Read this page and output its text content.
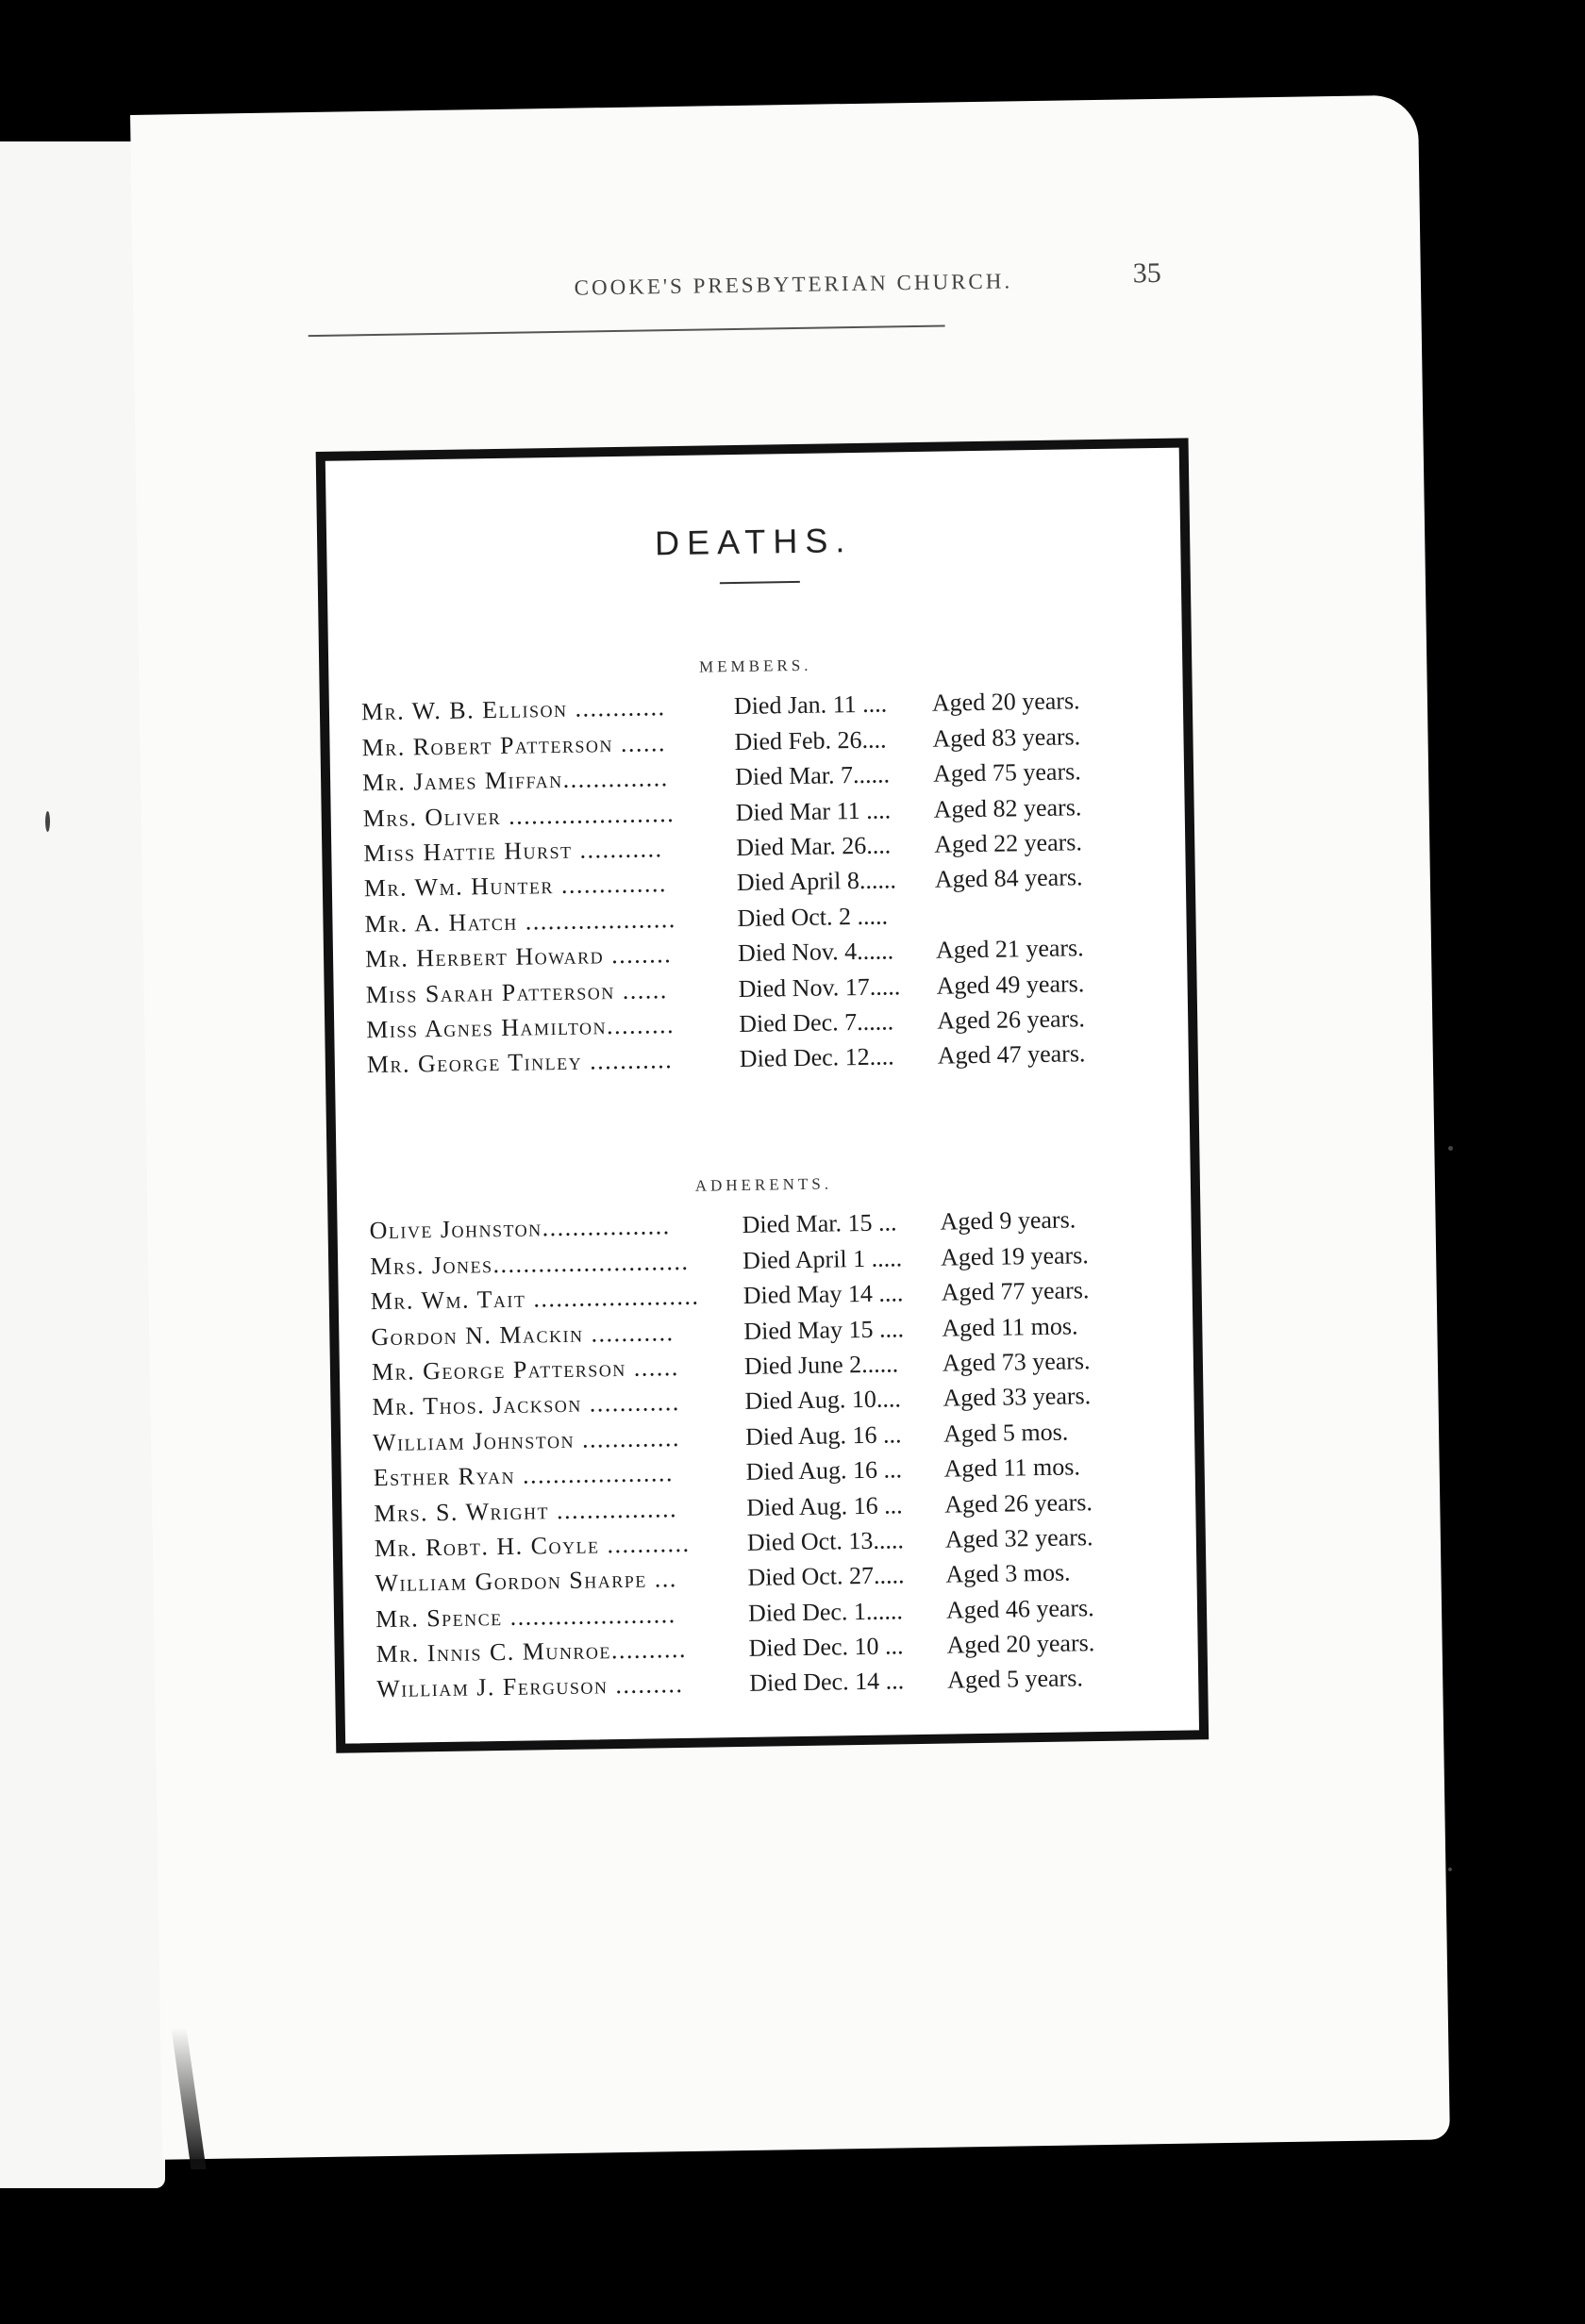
COOKE'S PRESBYTERIAN CHURCH.	35
DEATHS.
MEMBERS.
Mr. W. B. Ellison ............	Died Jan. 11 ....	Aged 20 years.
Mr. Robert Patterson ......	Died Feb. 26....	Aged 83 years.
Mr. James Miffan..............	Died Mar. 7......	Aged 75 years.
Mrs. Oliver ......................	Died Mar 11 ....	Aged 82 years.
Miss Hattie Hurst ...........	Died Mar. 26....	Aged 22 years.
Mr. Wm. Hunter ..............	Died April 8......	Aged 84 years.
Mr. A. Hatch ....................	Died Oct. 2 .....
Mr. Herbert Howard ........	Died Nov. 4......	Aged 21 years.
Miss Sarah Patterson ......	Died Nov. 17.....	Aged 49 years.
Miss Agnes Hamilton.........	Died Dec. 7......	Aged 26 years.
Mr. George Tinley ...........	Died Dec. 12....	Aged 47 years.
ADHERENTS.
Olive Johnston.................	Died Mar. 15 ...	Aged 9 years.
Mrs. Jones..........................	Died April 1 .....	Aged 19 years.
Mr. Wm. Tait ......................	Died May 14 ....	Aged 77 years.
Gordon N. Mackin ...........	Died May 15 ....	Aged 11 mos.
Mr. George Patterson ......	Died June 2......	Aged 73 years.
Mr. Thos. Jackson ............	Died Aug. 10....	Aged 33 years.
William Johnston .............	Died Aug. 16 ...	Aged 5 mos.
Esther Ryan ....................	Died Aug. 16 ...	Aged 11 mos.
Mrs. S. Wright ................	Died Aug. 16 ...	Aged 26 years.
Mr. Robt. H. Coyle ...........	Died Oct. 13.....	Aged 32 years.
William Gordon Sharpe ...	Died Oct. 27.....	Aged 3 mos.
Mr. Spence ......................	Died Dec. 1......	Aged 46 years.
Mr. Innis C. Munroe..........	Died Dec. 10 ...	Aged 20 years.
William J. Ferguson .........	Died Dec. 14 ...	Aged 5 years.
